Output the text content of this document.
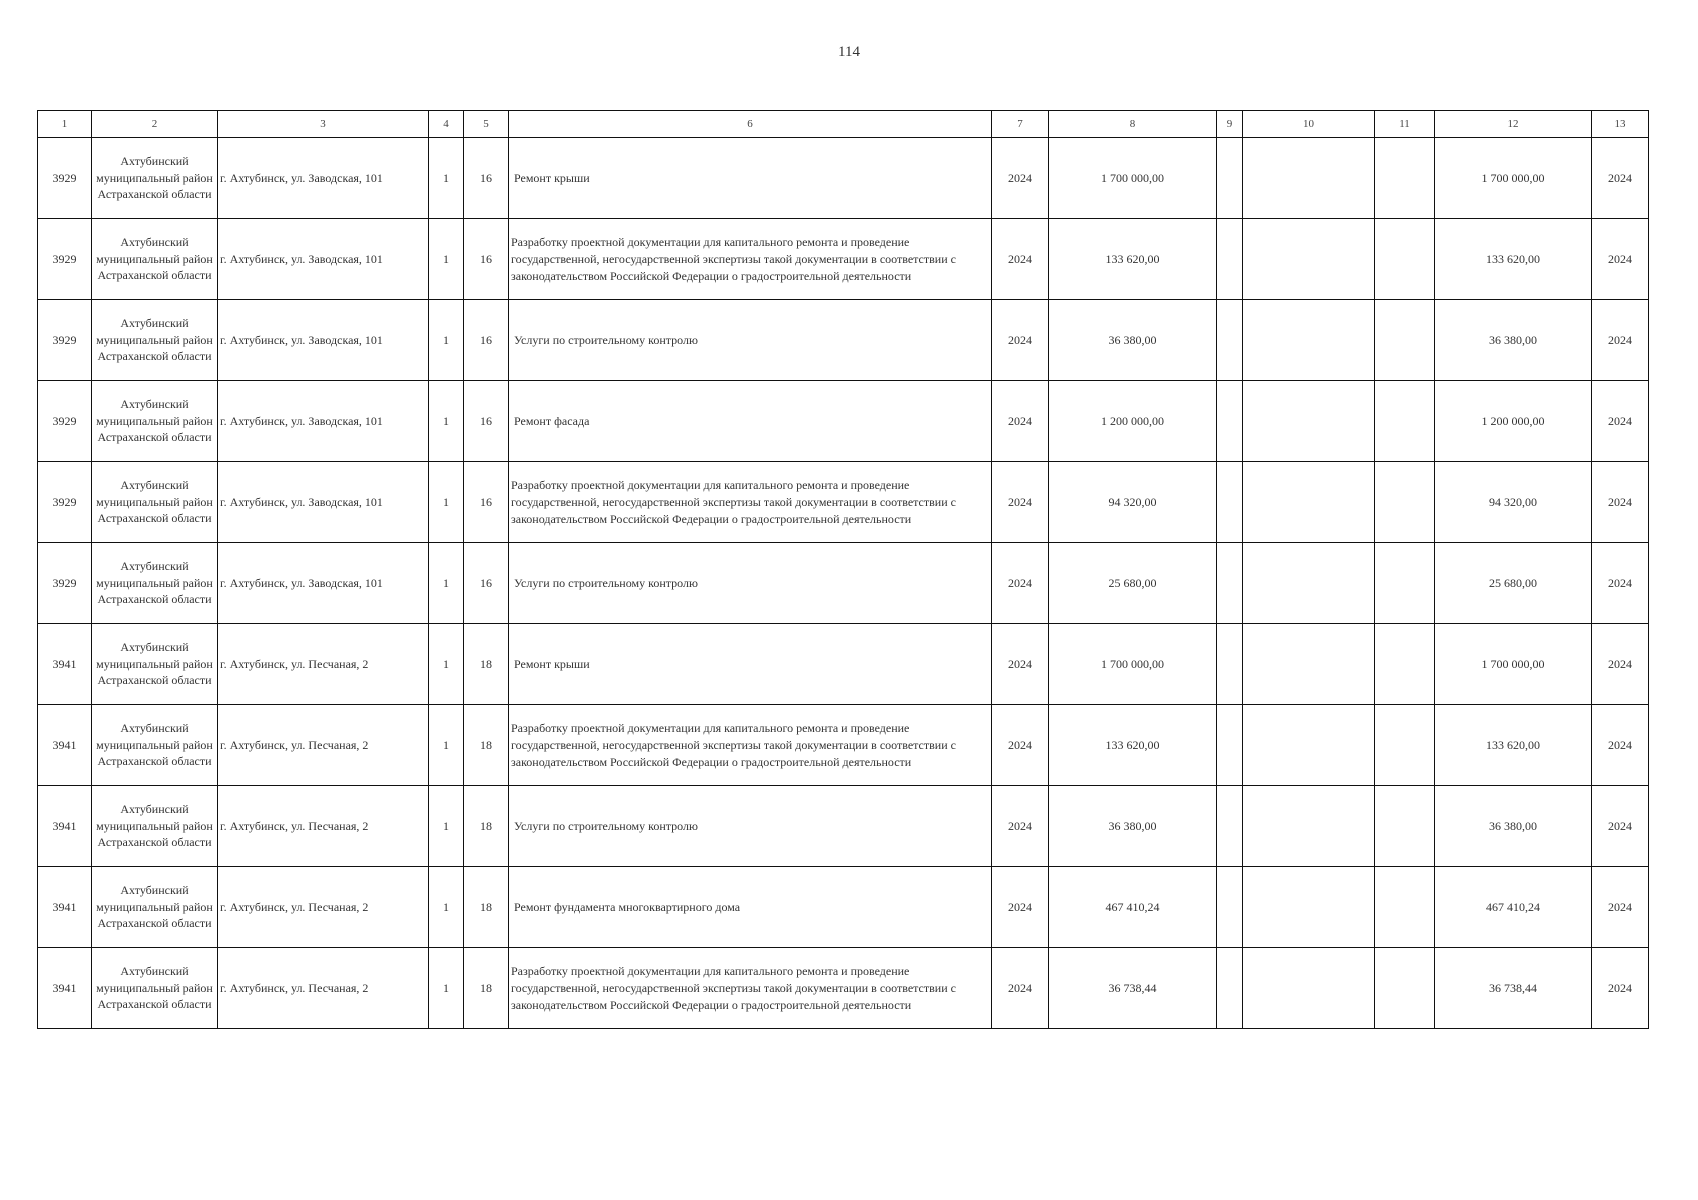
114
1	2	3	4	5	6	7	8	9	10	11	12	13
3929	Ахтубинский муниципальный район Астраханской области	г. Ахтубинск, ул. Заводская, 101	1	16	Ремонт крыши	2024	1 700 000,00				1 700 000,00	2024
3929	Ахтубинский муниципальный район Астраханской области	г. Ахтубинск, ул. Заводская, 101	1	16	Разработку проектной документации для капитального ремонта и проведение государственной, негосударственной экспертизы такой документации в соответствии с законодательством Российской Федерации о градостроительной деятельности	2024	133 620,00				133 620,00	2024
3929	Ахтубинский муниципальный район Астраханской области	г. Ахтубинск, ул. Заводская, 101	1	16	Услуги по строительному контролю	2024	36 380,00				36 380,00	2024
3929	Ахтубинский муниципальный район Астраханской области	г. Ахтубинск, ул. Заводская, 101	1	16	Ремонт фасада	2024	1 200 000,00				1 200 000,00	2024
3929	Ахтубинский муниципальный район Астраханской области	г. Ахтубинск, ул. Заводская, 101	1	16	Разработку проектной документации для капитального ремонта и проведение государственной, негосударственной экспертизы такой документации в соответствии с законодательством Российской Федерации о градостроительной деятельности	2024	94 320,00				94 320,00	2024
3929	Ахтубинский муниципальный район Астраханской области	г. Ахтубинск, ул. Заводская, 101	1	16	Услуги по строительному контролю	2024	25 680,00				25 680,00	2024
3941	Ахтубинский муниципальный район Астраханской области	г. Ахтубинск, ул. Песчаная, 2	1	18	Ремонт крыши	2024	1 700 000,00				1 700 000,00	2024
3941	Ахтубинский муниципальный район Астраханской области	г. Ахтубинск, ул. Песчаная, 2	1	18	Разработку проектной документации для капитального ремонта и проведение государственной, негосударственной экспертизы такой документации в соответствии с законодательством Российской Федерации о градостроительной деятельности	2024	133 620,00				133 620,00	2024
3941	Ахтубинский муниципальный район Астраханской области	г. Ахтубинск, ул. Песчаная, 2	1	18	Услуги по строительному контролю	2024	36 380,00				36 380,00	2024
3941	Ахтубинский муниципальный район Астраханской области	г. Ахтубинск, ул. Песчаная, 2	1	18	Ремонт фундамента многоквартирного дома	2024	467 410,24				467 410,24	2024
3941	Ахтубинский муниципальный район Астраханской области	г. Ахтубинск, ул. Песчаная, 2	1	18	Разработку проектной документации для капитального ремонта и проведение государственной, негосударственной экспертизы такой документации в соответствии с законодательством Российской Федерации о градостроительной деятельности	2024	36 738,44				36 738,44	2024
